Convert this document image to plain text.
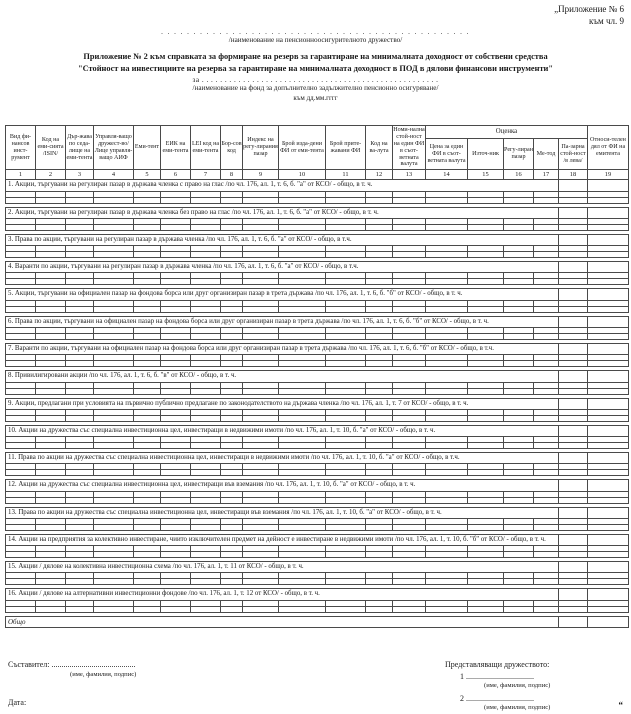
„Приложение № 6
към чл. 9
. . . . . . . . . . . . . . . . . . . . . . . . . . . . . . . . . . . . . . . . . . . . . . . .
/наименование на пенсионноосигурителното дружество/
Приложение № 2 към справката за формиране на резерв за гарантиране на минималната доходност от собствени средства
"Стойност на инвестициите на резерва за гарантиране на минималната доходност в ПОД в дялови финансови инструменти"
за . . . . . . . . . . . . . . . . . . . . . . . . . . . . . . . . . . . . . . . . . . . . . . . . . . . .
/наименование на фонд за допълнително задължително пенсионно осигуряване/
към дд.мм.гггг
Вид фи-нансов инст-румент	Код на еми-сията /ISIN/	Дър-жава по седа-лище на еми-тента	Управля-ващо дружест-во/ Лице управля-ващо АИФ	Еми-тент	ЕИК на еми-тента	LEI код на еми-тента	Бор-сов код	Индекс на регу-лирания пазар	Брой изда-дени ФИ от еми-тента	Брой прите-жавани ФИ	Код на ва-лута	Номи-нална стой-ност на един ФИ в съот-ветната валута	Оценка					Относи-телен дял от ФИ на емитента
													Цена за един ФИ в съот-ветната валута	Източ-ник	Регу-лиран пазар	Ме-тод	Па-зарна стой-ност /в лева/	
1	2	3	4	5	6	7	8	9	10	11	12	13	14	15	16	17	18	19
1. Акции, търгувани на регулиран пазар в държава членка с право на глас /по чл. 176, ал. 1, т. 6, б. "а" от КСО/ - общо, в т. ч.																		

2. Акции, търгувани на регулиран пазар в държава членка без право на глас /по чл. 176, ал. 1, т. 6, б. "а" от КСО/ - общо, в т. ч.																		

3. Права по акции, търгувани на регулиран пазар в държава членка /по чл. 176, ал. 1, т. 6, б. "а" от КСО/ - общо, в т.ч.																		

4. Варанти по акции, търгувани на регулиран пазар в държава членка /по чл. 176, ал. 1, т. 6, б. "а" от КСО/ - общо, в т.ч.																		

5. Акции, търгувани на официален пазар на фондова борса или друг организиран пазар в трета държава /по чл. 176, ал. 1, т. 6, б. "б" от КСО/ - общо, в т. ч.																		

6. Права по акции, търгувани на официален пазар на фондова борса или друг организиран пазар в трета държава /по чл. 176, ал. 1, т. 6, б. "б" от КСО/ - общо, в т. ч.																		

7. Варанти по акции, търгувани на официален пазар на фондова борса или друг организиран пазар в трета държава /по чл. 176, ал. 1, т. 6, б. "б" от КСО/ - общо, в т.ч.																		

8. Привилигировани акции /по чл. 176, ал. 1, т. 6, б. "в" от КСО/ - общо, в т. ч.																		

9. Акции, предлагани при условията на първично публично предлагане по законодателството на държава членка /по чл. 176, ал. 1, т. 7 от КСО/ - общо, в т. ч.																		

10. Акции на дружества със специална инвестиционна цел, инвестиращи в недвижими имоти /по чл. 176, ал. 1, т. 10, б. "а" от КСО/ - общо, в т. ч.																		

11. Права по акции на дружества със специална инвестиционна цел, инвестиращи в недвижими имоти /по чл. 176, ал. 1, т. 10, б. "а" от КСО/ - общо, в т.ч.																		

12. Акции на дружества със специална инвестиционна цел, инвестиращи във вземания /по чл. 176, ал. 1, т. 10, б. "а" от КСО/ - общо, в т. ч.																		

13. Права по акции на дружества със специална инвестиционна цел, инвестиращи във вземания /по чл. 176, ал. 1, т. 10, б. "а" от КСО/ - общо, в т. ч.																		

14. Акции на предприятия за колективно инвестиране, чиито изключителен предмет на дейност е инвестиране в недвижими имоти /по чл. 176, ал. 1, т. 10, б. "б" от КСО/ - общо, в т. ч.																		

15. Акции / дялове на колективна инвестиционна схема /по чл. 176, ал. 1, т. 11 от КСО/ - общо, в т. ч.																		

16. Акции / дялове на алтернативни инвестиционни фондове /по чл. 176, ал. 1, т. 12 от КСО/ - общо, в т. ч.																		

Общо																		
Съставител: ..........................................
(име, фамилия, подпис)
Дата:
Представляващи дружеството:
1 ..................................
(име, фамилия, подпис)
2 ..................................
(име, фамилия, подпис)	“
